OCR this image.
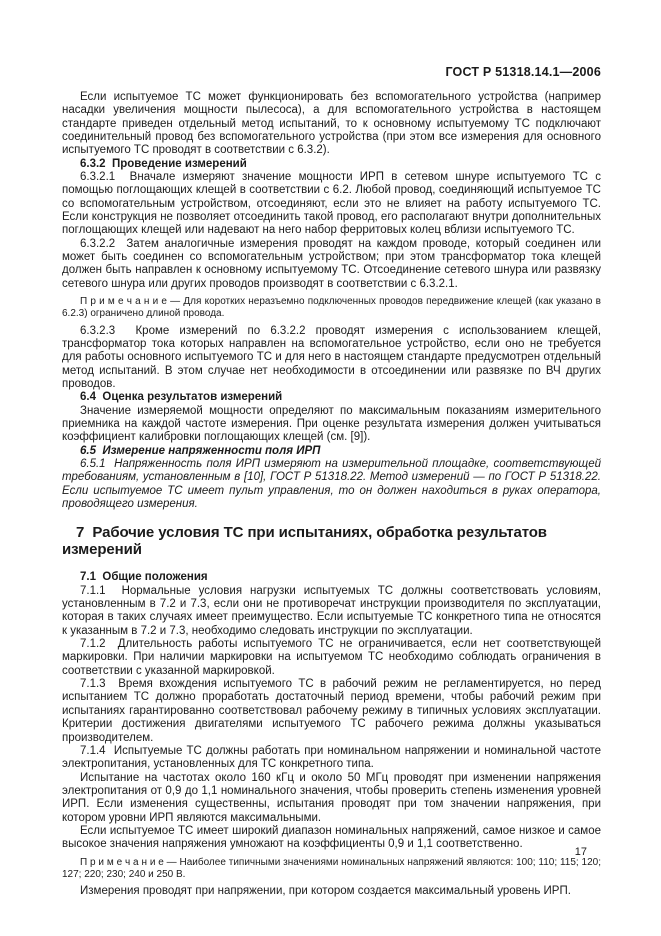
ГОСТ Р 51318.14.1—2006

Если испытуемое ТС может функционировать без вспомогательного устройства (например насадки увеличения мощности пылесоса), а для вспомогательного устройства в настоящем стандарте приведен отдельный метод испытаний, то к основному испытуемому ТС подключают соединительный провод без вспомогательного устройства (при этом все измерения для основного испытуемого ТС проводят в соответствии с 6.3.2).

6.3.2  Проведение измерений

6.3.2.1  Вначале измеряют значение мощности ИРП в сетевом шнуре испытуемого ТС с помощью поглощающих клещей в соответствии с 6.2. Любой провод, соединяющий испытуемое ТС со вспомогательным устройством, отсоединяют, если это не влияет на работу испытуемого ТС. Если конструкция не позволяет отсоединить такой провод, его располагают внутри дополнительных поглощающих клещей или надевают на него набор ферритовых колец вблизи испытуемого ТС.

6.3.2.2  Затем аналогичные измерения проводят на каждом проводе, который соединен или может быть соединен со вспомогательным устройством; при этом трансформатор тока клещей должен быть направлен к основному испытуемому ТС. Отсоединение сетевого шнура или развязку сетевого шнура или других проводов производят в соответствии с 6.3.2.1.

П р и м е ч а н и е — Для коротких неразъемно подключенных проводов передвижение клещей (как указано в 6.2.3) ограничено длиной провода.

6.3.2.3  Кроме измерений по 6.3.2.2 проводят измерения с использованием клещей, трансформатор тока которых направлен на вспомогательное устройство, если оно не требуется для работы основного испытуемого ТС и для него в настоящем стандарте предусмотрен отдельный метод испытаний. В этом случае нет необходимости в отсоединении или развязке по ВЧ других проводов.

6.4  Оценка результатов измерений

Значение измеряемой мощности определяют по максимальным показаниям измерительного приемника на каждой частоте измерения. При оценке результата измерения должен учитываться коэффициент калибровки поглощающих клещей (см. [9]).

6.5  Измерение напряженности поля ИРП

6.5.1  Напряженность поля ИРП измеряют на измерительной площадке, соответствующей требованиям, установленным в [10], ГОСТ Р 51318.22. Метод измерений — по ГОСТ Р 51318.22. Если испытуемое ТС имеет пульт управления, то он должен находиться в руках оператора, проводящего измерения.

7  Рабочие условия ТС при испытаниях, обработка результатов измерений
7.1  Общие положения

7.1.1  Нормальные условия нагрузки испытуемых ТС должны соответствовать условиям, установленным в 7.2 и 7.3, если они не противоречат инструкции производителя по эксплуатации, которая в таких случаях имеет преимущество. Если испытуемые ТС конкретного типа не относятся к указанным в 7.2 и 7.3, необходимо следовать инструкции по эксплуатации.

7.1.2  Длительность работы испытуемого ТС не ограничивается, если нет соответствующей маркировки. При наличии маркировки на испытуемом ТС необходимо соблюдать ограничения в соответствии с указанной маркировкой.

7.1.3  Время вхождения испытуемого ТС в рабочий режим не регламентируется, но перед испытанием ТС должно проработать достаточный период времени, чтобы рабочий режим при испытаниях гарантированно соответствовал рабочему режиму в типичных условиях эксплуатации. Критерии достижения двигателями испытуемого ТС рабочего режима должны указываться производителем.

7.1.4  Испытуемые ТС должны работать при номинальном напряжении и номинальной частоте электропитания, установленных для ТС конкретного типа.

Испытание на частотах около 160 кГц и около 50 МГц проводят при изменении напряжения электропитания от 0,9 до 1,1 номинального значения, чтобы проверить степень изменения уровней ИРП. Если изменения существенны, испытания проводят при том значении напряжения, при котором уровни ИРП являются максимальными.

Если испытуемое ТС имеет широкий диапазон номинальных напряжений, самое низкое и самое высокое значения напряжения умножают на коэффициенты 0,9 и 1,1 соответственно.

П р и м е ч а н и е — Наиболее типичными значениями номинальных напряжений являются: 100; 110; 115; 120; 127; 220; 230; 240 и 250 В.

Измерения проводят при напряжении, при котором создается максимальный уровень ИРП.

17
